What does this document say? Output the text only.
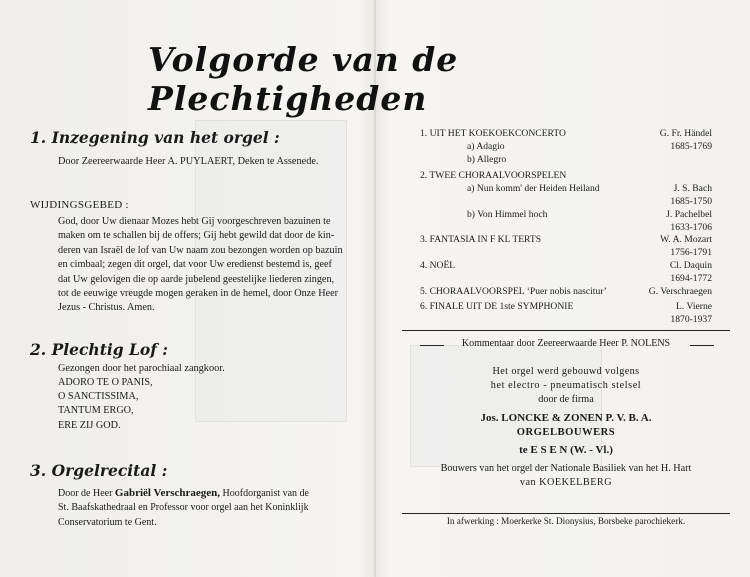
Volgorde van de Plechtigheden
1. Inzegening van het orgel :
Door Zeereerwaarde Heer A. PUYLAERT, Deken te Assenede.
WIJDINGSGEBED :
God, door Uw dienaar Mozes hebt Gij voorgeschreven bazuinen te
maken om te schallen bij de offers; Gij hebt gewild dat door de kin-
deren van Israël de lof van Uw naam zou bezongen worden op bazuin
en cimbaal; zegen dit orgel, dat voor Uw eredienst bestemd is, geef
dat Uw gelovigen die op aarde jubelend geestelijke liederen zingen,
tot de eeuwige vreugde mogen geraken in de hemel, door Onze Heer
Jezus - Christus. Amen.
2. Plechtig Lof :
Gezongen door het parochiaal zangkoor.
ADORO TE O PANIS,
O SANCTISSIMA,
TANTUM ERGO,
ERE ZIJ GOD.
3. Orgelrecital :
Door de Heer Gabriël Verschraegen, Hoofdorganist van de
St. Baafskathedraal en Professor voor orgel aan het Koninklijk
Conservatorium te Gent.
1. UIT HET KOEKOEKCONCERTO	G. Fr. Händel
a) Adagio	1685-1769
b) Allegro
2. TWEE CHORAALVOORSPELEN
a) Nun komm' der Heiden Heiland	J. S. Bach
1685-1750
b) Von Himmel hoch	J. Pachelbel
1633-1706
3. FANTASIA IN F KL TERTS	W. A. Mozart
1756-1791
4. NOËL	Cl. Daquin
1694-1772
5. CHORAALVOORSPEL ‘Puer nobis nascitur’	G. Verschraegen
6. FINALE UIT DE 1ste SYMPHONIE	L. Vierne
1870-1937
Kommentaar door Zeereerwaarde Heer P. NOLENS
Het orgel werd gebouwd volgens
het electro - pneumatisch stelsel
door de firma
Jos. LONCKE & ZONEN P. V. B. A.
ORGELBOUWERS
te E S E N (W. - Vl.)
Bouwers van het orgel der Nationale Basiliek van het H. Hart
van KOEKELBERG
In afwerking : Moerkerke St. Dionysius, Borsbeke parochiekerk.
